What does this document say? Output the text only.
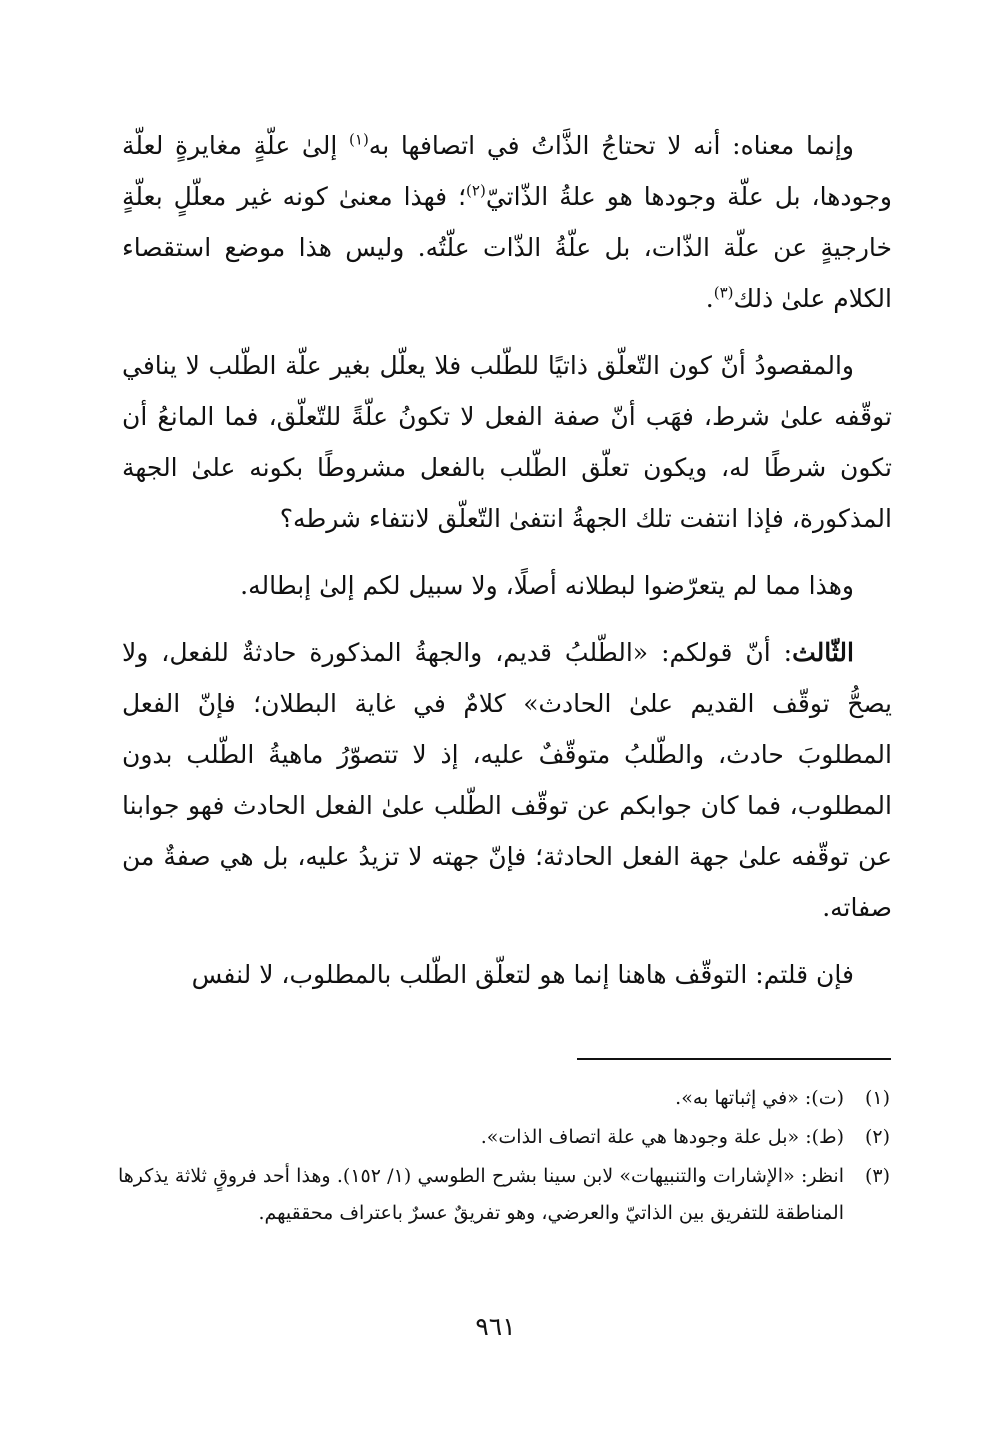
وإنما معناه: أنه لا تحتاجُ الذَّاتُ في اتصافها به$^{(١)}$ إلىٰ علّةٍ مغايرةٍ لعلّة وجودها، بل علّة وجودها هو علةُ الذّاتيّ$^{(٢)}$؛ فهذا معنىٰ كونه غير معلّلٍ بعلّةٍ خارجيةٍ عن علّة الذّات، بل علّةُ الذّات علّتُه. وليس هذا موضع استقصاء الكلام علىٰ ذلك$^{(٣)}$.

والمقصودُ أنّ كون التّعلّق ذاتيًا للطّلب فلا يعلّل بغير علّة الطّلب لا ينافي توقّفه علىٰ شرط، فهَب أنّ صفة الفعل لا تكونُ علّةً للتّعلّق، فما المانعُ أن تكون شرطًا له، ويكون تعلّق الطّلب بالفعل مشروطًا بكونه علىٰ الجهة المذكورة، فإذا انتفت تلك الجهةُ انتفىٰ التّعلّق لانتفاء شرطه؟

وهذا مما لم يتعرّضوا لبطلانه أصلًا، ولا سبيل لكم إلىٰ إبطاله.

الثّالث: أنّ قولكم: «الطّلبُ قديم، والجهةُ المذكورة حادثةٌ للفعل، ولا يصحُّ توقّف القديم علىٰ الحادث» كلامٌ في غاية البطلان؛ فإنّ الفعل المطلوبَ حادث، والطّلبُ متوقّفٌ عليه، إذ لا تتصوّرُ ماهيةُ الطّلب بدون المطلوب، فما كان جوابكم عن توقّف الطّلب علىٰ الفعل الحادث فهو جوابنا عن توقّفه علىٰ جهة الفعل الحادثة؛ فإنّ جهته لا تزيدُ عليه، بل هي صفةٌ من صفاته.

فإن قلتم: التوقّف هاهنا إنما هو لتعلّق الطّلب بالمطلوب، لا لنفس

(١)
(ت): «في إثباتها به».
(٢)
(ط): «بل علة وجودها هي علة اتصاف الذات».
(٣)
انظر: «الإشارات والتنبيهات» لابن سينا بشرح الطوسي (١/ ١٥٢). وهذا أحد فروقٍ ثلاثة يذكرها المناطقة للتفريق بين الذاتيّ والعرضي، وهو تفريقٌ عسرٌ باعتراف محققيهم.
٩٦١
